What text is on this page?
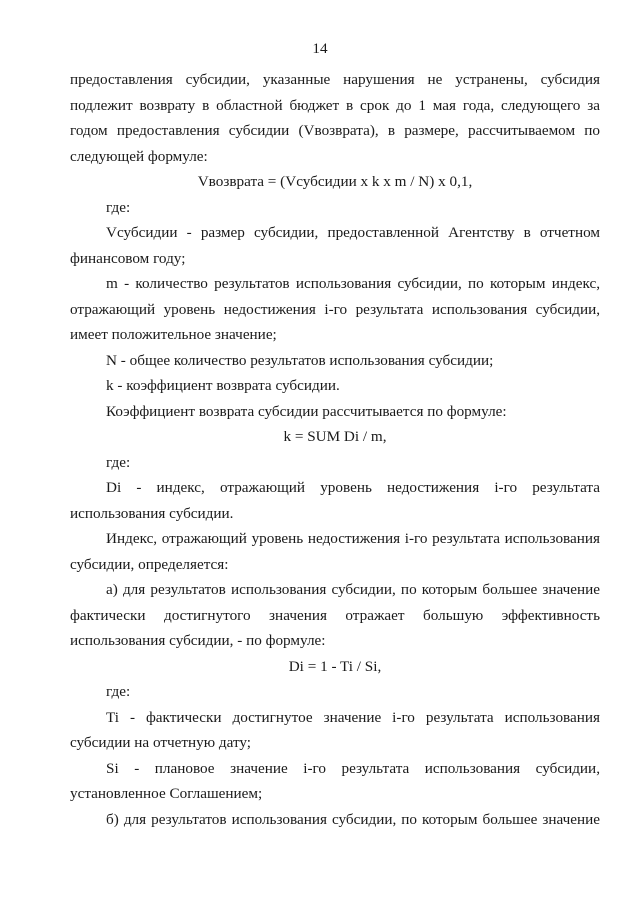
14

предоставления субсидии, указанные нарушения не устранены, субсидия подлежит возврату в областной бюджет в срок до 1 мая года, следующего за годом предоставления субсидии (Vвозврата), в размере, рассчитываемом по следующей формуле:

Vвозврата = (Vсубсидии x k x m / N) x 0,1,

где:

Vсубсидии - размер субсидии, предоставленной Агентству в отчетном финансовом году;

m - количество результатов использования субсидии, по которым индекс, отражающий уровень недостижения i-го результата использования субсидии, имеет положительное значение;

N - общее количество результатов использования субсидии;

k - коэффициент возврата субсидии.

Коэффициент возврата субсидии рассчитывается по формуле:

k = SUM Di / m,

где:

Di - индекс, отражающий уровень недостижения i-го результата использования субсидии.

Индекс, отражающий уровень недостижения i-го результата использования субсидии, определяется:

а) для результатов использования субсидии, по которым большее значение фактически достигнутого значения отражает большую эффективность использования субсидии, - по формуле:

Di = 1 - Ti / Si,

где:

Ti - фактически достигнутое значение i-го результата использования субсидии на отчетную дату;

Si - плановое значение i-го результата использования субсидии, установленное Соглашением;

б) для результатов использования субсидии, по которым большее значение
